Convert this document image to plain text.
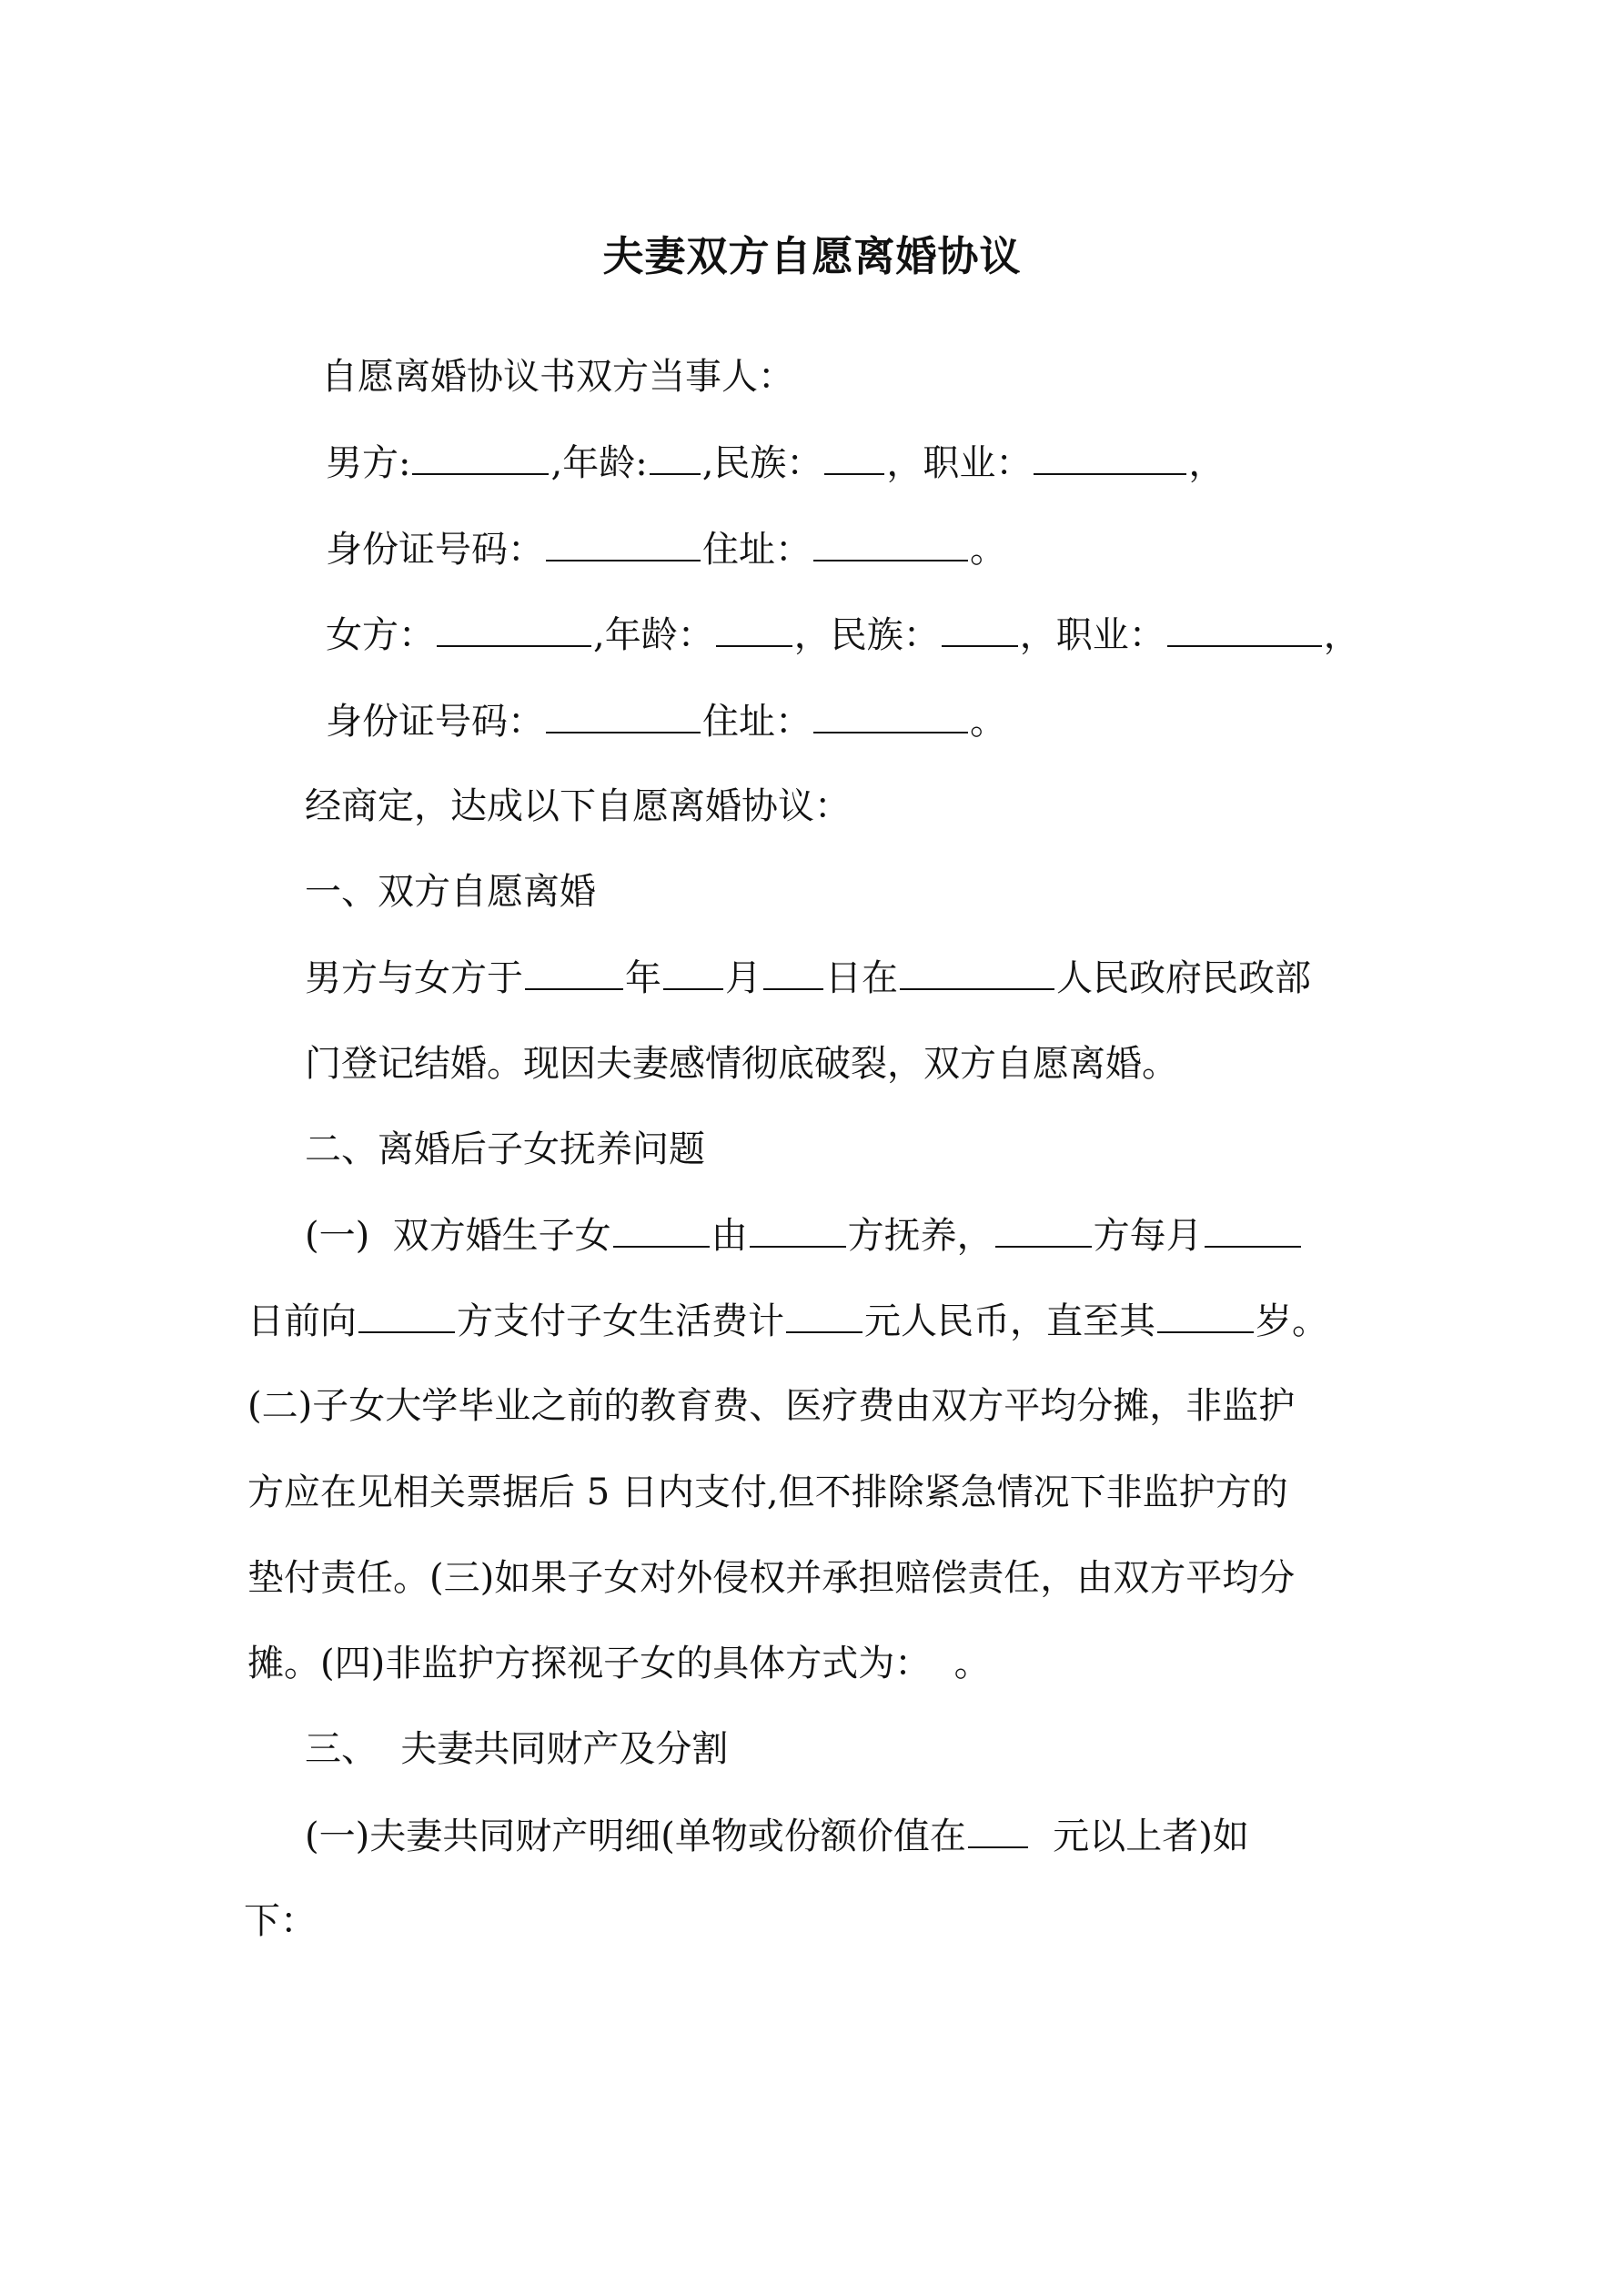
夫妻双方自愿离婚协议
自愿离婚协议书双方当事人：
男方:	,年龄: ,民族： ，职业：	，
身份证号码：	住址：	。
女方：	,年龄： ，民族： ，职业：	，
身份证号码：	住址：	。
经商定，达成以下自愿离婚协议：
一、双方自愿离婚
男方与女方于	年 月 日在	人民政府民政部
门登记结婚。现因夫妻感情彻底破裂，双方自愿离婚。
二、离婚后子女抚养问题
(一)  双方婚生子女	由	方抚养，	方每月
日前向	方支付子女生活费计 元人民币，直至其	岁。
(二)子女大学毕业之前的教育费、医疗费由双方平均分摊，非监护
方应在见相关票据后 5 日内支付,但不排除紧急情况下非监护方的
垫付责任。(三)如果子女对外侵权并承担赔偿责任，由双方平均分
摊。(四)非监护方探视子女的具体方式为：  。
三、  夫妻共同财产及分割
(一)夫妻共同财产明细(单物或份额价值在  元以上者)如
下：
